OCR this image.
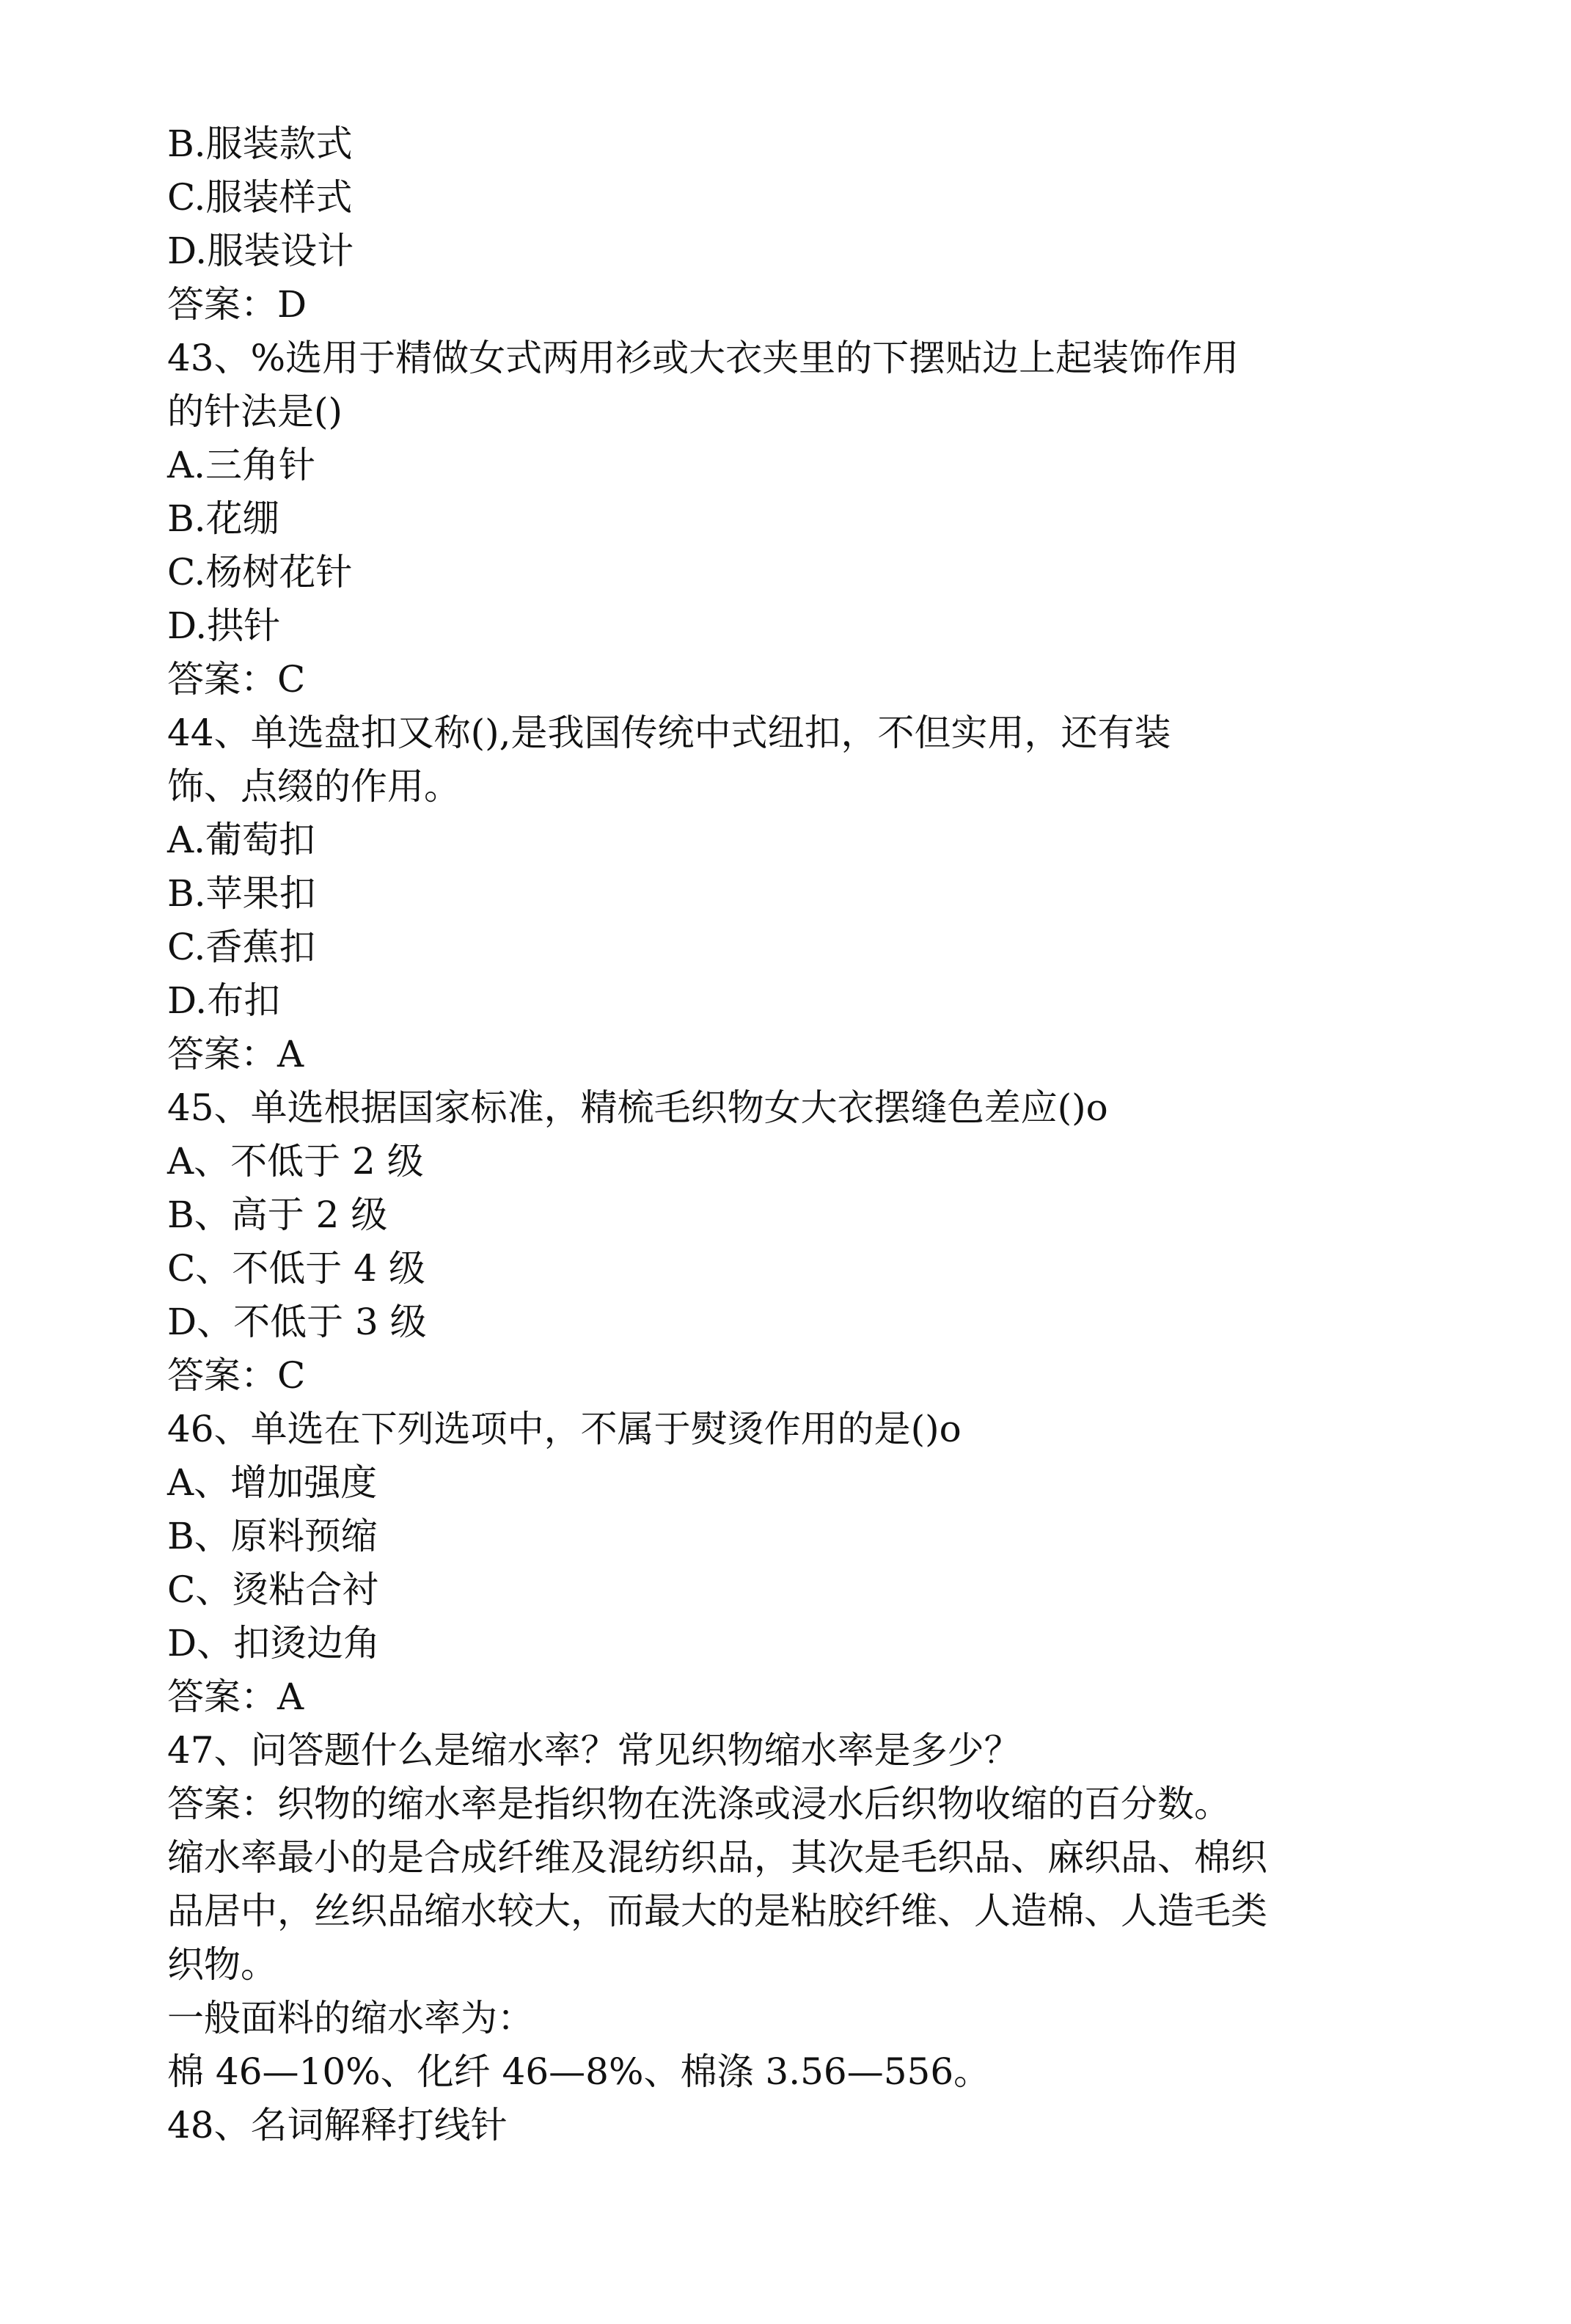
B.服装款式

C.服装样式

D.服装设计

答案：D

43、%选用于精做女式两用衫或大衣夹里的下摆贴边上起装饰作用

的针法是()

A.三角针

B.花绷

C.杨树花针

D.拱针

答案：C

44、单选盘扣又称(),是我国传统中式纽扣，不但实用，还有装

饰、点缀的作用。

A.葡萄扣

B.苹果扣

C.香蕉扣

D.布扣

答案：A

45、单选根据国家标准，精梳毛织物女大衣摆缝色差应()o

A、不低于 2 级

B、高于 2 级

C、不低于 4 级

D、不低于 3 级

答案：C

46、单选在下列选项中，不属于熨烫作用的是()o

A、增加强度

B、原料预缩

C、烫粘合衬

D、扣烫边角

答案：A

47、问答题什么是缩水率？常见织物缩水率是多少？

答案：织物的缩水率是指织物在洗涤或浸水后织物收缩的百分数。

缩水率最小的是合成纤维及混纺织品，其次是毛织品、麻织品、棉织

品居中，丝织品缩水较大，而最大的是粘胶纤维、人造棉、人造毛类

织物。

一般面料的缩水率为：

棉 46—10%、化纤 46—8%、棉涤 3.56—556。

48、名词解释打线针
